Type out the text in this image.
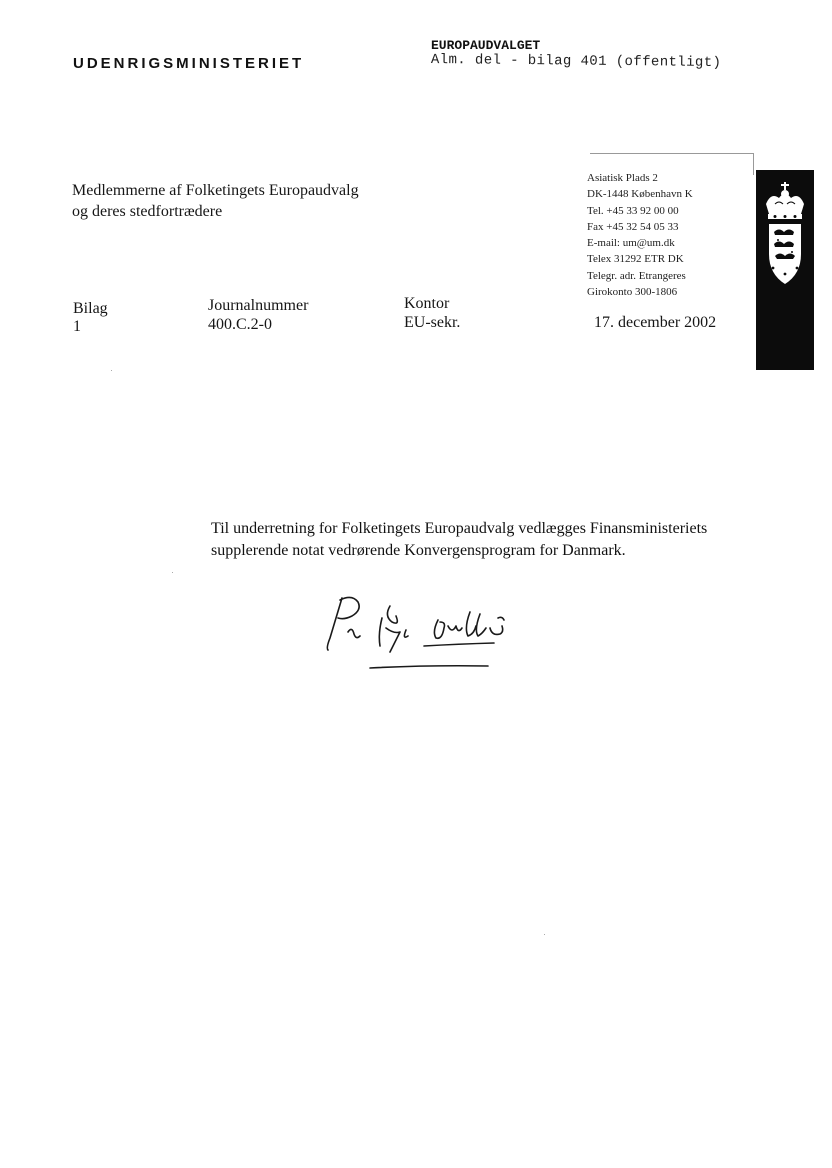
UDENRIGSMINISTERIET
EUROPAUDVALGET
Alm. del - bilag 401 (offentligt)
Medlemmerne af Folketingets Europaudvalg
og deres stedfortrædere
Asiatisk Plads 2
DK-1448 København K
Tel. +45 33 92 00 00
Fax +45 32 54 05 33
E-mail: um@um.dk
Telex 31292 ETR DK
Telegr. adr. Etrangeres
Girokonto 300-1806
Bilag
1
Journalnummer
400.C.2-0
Kontor
EU-sekr.	17. december 2002
Til underretning for Folketingets Europaudvalg vedlægges Finansministeriets
supplerende notat vedrørende Konvergensprogram for Danmark.
